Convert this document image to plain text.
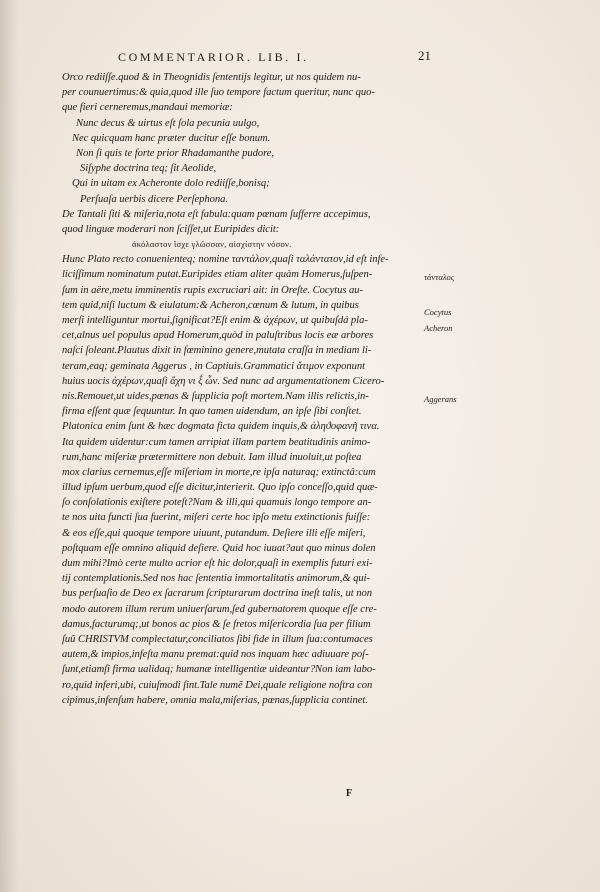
COMMENTARIOR. LIB. I.	21
Orco rediiſſe.quod & in Theognidis ſententijs legitur, ut nos quidem nu-
per counuertimus:& quia,quod ille ſuo tempore factum queritur, nunc quo-
que fieri cerneremus,mandaui memoriæ:
Nunc decus & uirtus eſt ſola pecunia uulgo,
Nec quicquam hanc præter ducitur eſſe bonum.
Non ſi quis te forte prior Rhadamanthe pudore,
Siſyphe doctrina teq; ſit Aeolide,
Qui in uitam ex Acheronte dolo rediiſſe,bonisq;
Perſuaſa uerbis dicere Perſephona.
De Tantali ſiti & miſeria,nota eſt fabula:quam pœnam ſufferre accepimus,
quod linguæ moderari non ſciſſet,ut Euripides dicit:
ἀκόλαστον ἴσχε γλῶσσαν, αἰσχίστην νόσον.
Hunc Plato recto conuenienteq; nomine ταντάλον,quaſi ταλάντατον,id eſt infe-
liciſſimum nominatum putat.Euripides etiam aliter quàm Homerus,ſuſpen-
ſum in aëre,metu imminentis rupis excruciari ait: in Oreſte. Cocytus au-
tem quid,niſi luctum & eiulatum:& Acheron,cœnum & lutum, in quibus
merſi intelliguntur mortui,ſignificat?Eſt enim & ἀχέρων, ut quibuſdá pla-
cet,alnus uel populus apud Homerum,quòd in paluſtribus locis eæ arbores
naſci ſoleant.Plautus dixit in fœminino genere,mutata craſſa in mediam li-
teram,eaq; geminata Aggerus , in Captiuis.Grammatici ἄτιμον exponunt
huius uocis ἀχέρων,quaſi ἄχη νι ξ́ ὦν. Sed nunc ad argumentationem Cicero-
nis.Remouet,ut uides,pœnas & ſupplicia poſt mortem.Nam illis relictis,in-
firma eſſent quæ ſequuntur. In quo tamen uidendum, an ipſe ſibi conſtet.
Platonica enim ſunt & hæc dogmata ficta quidem inquis,& ἀληϑοφανῆ τινα.
Ita quidem uidentur:cum tamen arripiat illam partem beatitudinis animo-
rum,hanc miſeriæ prætermittere non debuit. Iam illud inuoluit,ut poſtea
mox clarius cernemus,eſſe miſeriam in morte,re ipſa naturaq; extinctâ:cum
illud ipſum uerbum,quod eſſe dicitur,interierit. Quo ipſo conceſſo,quid quæ-
ſo conſolationis exiſtere poteſt?Nam & illi,qui quamuis longo tempore an-
te nos uita functi ſua fuerint, miſeri certe hoc ipſo metu extinctionis fuiſſe:
& eos eſſe,qui quoque tempore uiuunt, putandum. Deſiere illi eſſe miſeri,
poſtquam eſſe omnino aliquid deſiere. Quid hoc iuuat?aut quo minus dolen
dum mihi?Imò certe multo acrior eſt hic dolor,quaſi in exemplis futuri exi-
tij contemplationis.Sed nos hac ſententia immortalitatis animorum,& qui-
bus perſuaſio de Deo ex ſacrarum ſcripturarum doctrina ineſt talis, ut non
modo autorem illum rerum uniuerſarum,ſed gubernatorem quoque eſſe cre-
damus,facturumq;,ut bonos ac pios & ſe fretos miſericordia ſua per filium
ſuũ CHRISTVM complectatur,conciliatos ſibi fide in illum ſua:contumaces
autem,& impios,infeſta manu premat:quid nos inquam hæc adiuuare poſ-
ſunt,etiamſi firma ualidaq; humanæ intelligentiæ uideantur?Non iam labo-
ro,quid inferi,ubi, cuiuſmodi ſint.Tale numẽ Dei,quale religione noſtra con
cipimus,infenſum habere, omnia mala,miſerias, pœnas,ſupplicia continet.
τάνταλος
Cocytus
Acheron
Aggerans
F
